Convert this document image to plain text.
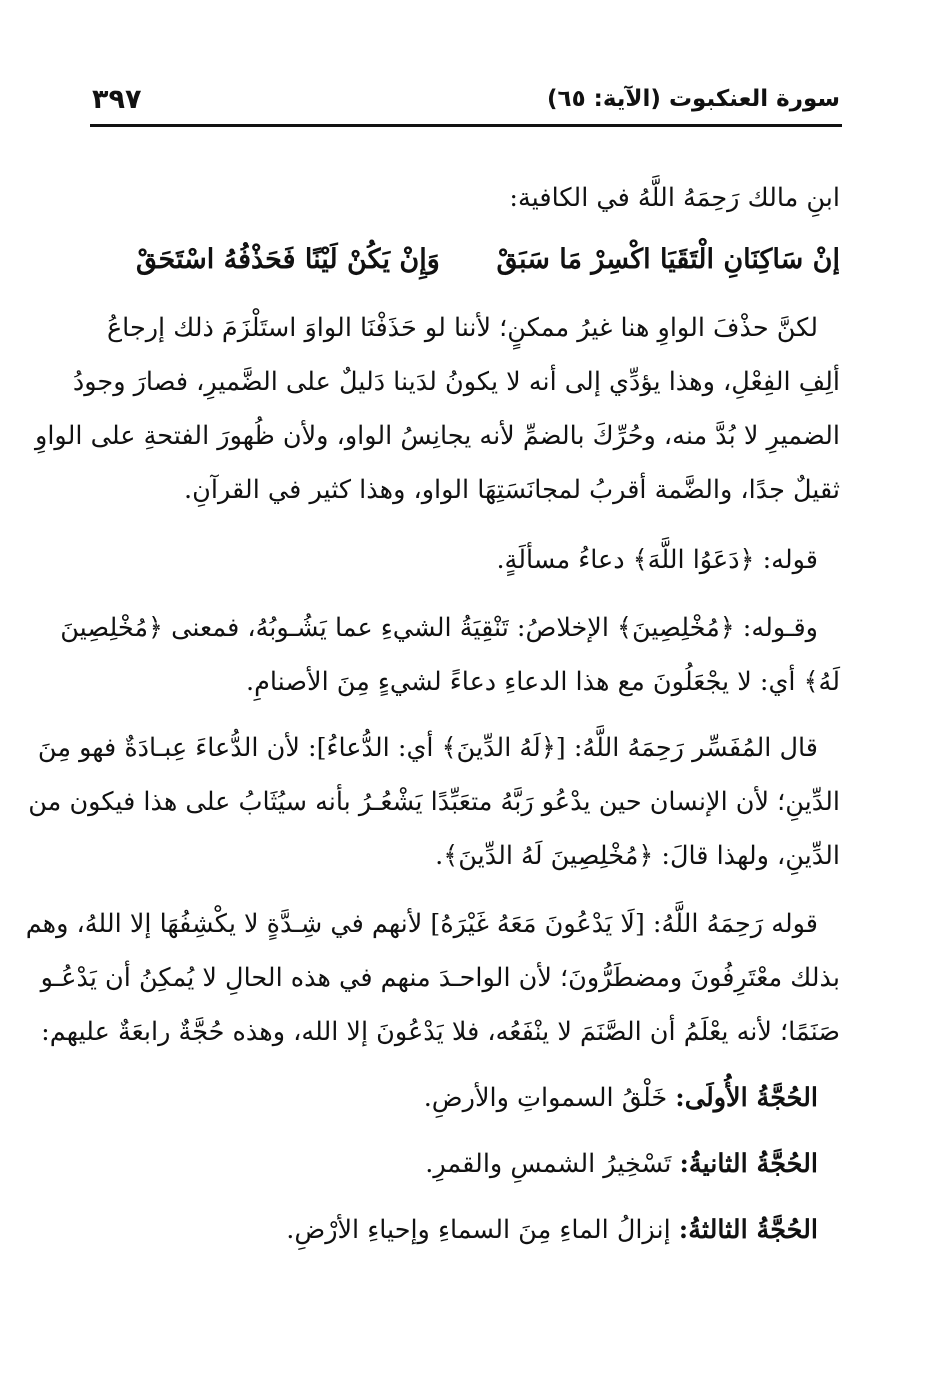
سورة العنكبوت (الآية: ٦٥)
٣٩٧
ابنِ مالك رَحِمَهُ اللَّهُ في الكافية:
إنْ سَاكِنَانِ الْتَقَيَا اكْسِرْ مَا سَبَقْ
وَإِنْ يَكُنْ لَيْنًا فَحَذْفُهُ اسْتَحَقْ
لكنَّ حذْفَ الواوِ هنا غيرُ ممكنٍ؛ لأننا لو حَذَفْنَا الواوَ استَلْزَمَ ذلك إرجاعُ
ألِفِ الفِعْلِ، وهذا يؤدِّي إلى أنه لا يكونُ لدَينا دَليلٌ على الضَّميرِ، فصارَ وجودُ
الضميرِ لا بُدَّ منه، وحُرِّكَ بالضمِّ لأنه يجانِسُ الواو، ولأن ظُهورَ الفتحةِ على الواوِ
ثقيلٌ جدًا، والضَّمة أقربُ لمجانَسَتِهَا الواو، وهذا كثير في القرآنِ.
قوله: ﴿دَعَوُا اللَّهَ﴾ دعاءُ مسألَةٍ.
وقـوله: ﴿مُخْلِصِينَ﴾ الإخلاصُ: تَنْقِيَةُ الشيءِ عما يَشُـوبُهُ، فمعنى ﴿مُخْلِصِينَ
لَهُ﴾ أي: لا يجْعَلُونَ مع هذا الدعاءِ دعاءً لشيءٍ مِنَ الأصنامِ.
قال المُفَسِّر رَحِمَهُ اللَّهُ: [﴿لَهُ الدِّينَ﴾ أي: الدُّعاءُ]: لأن الدُّعاءَ عِبـادَةٌ فهو مِنَ
الدِّينِ؛ لأن الإنسان حين يدْعُو رَبَّهُ متعَبِّدًا يَشْعُـرُ بأنه سيُثَابُ على هذا فيكون من
الدِّينِ، ولهذا قالَ: ﴿مُخْلِصِينَ لَهُ الدِّينَ﴾.
قوله رَحِمَهُ اللَّهُ: [لَا يَدْعُونَ مَعَهُ غَيْرَهُ] لأنهم في شِـدَّةٍ لا يكْشِفُهَا إلا اللهُ، وهم
بذلك معْتَرِفُونَ ومضطَرُّونَ؛ لأن الواحـدَ منهم في هذه الحالِ لا يُمكِنُ أن يَدْعُـو
صَنَمًا؛ لأنه يعْلَمُ أن الصَّنَمَ لا ينْفَعُه، فلا يَدْعُونَ إلا الله، وهذه حُجَّةٌ رابعَةٌ عليهم:
الحُجَّةُ الأُولَى: خَلْقُ السمواتِ والأرضِ.
الحُجَّةُ الثانيةُ: تَسْخِيرُ الشمسِ والقمرِ.
الحُجَّةُ الثالثةُ: إنزالُ الماءِ مِنَ السماءِ وإحياءِ الأرْضِ.
